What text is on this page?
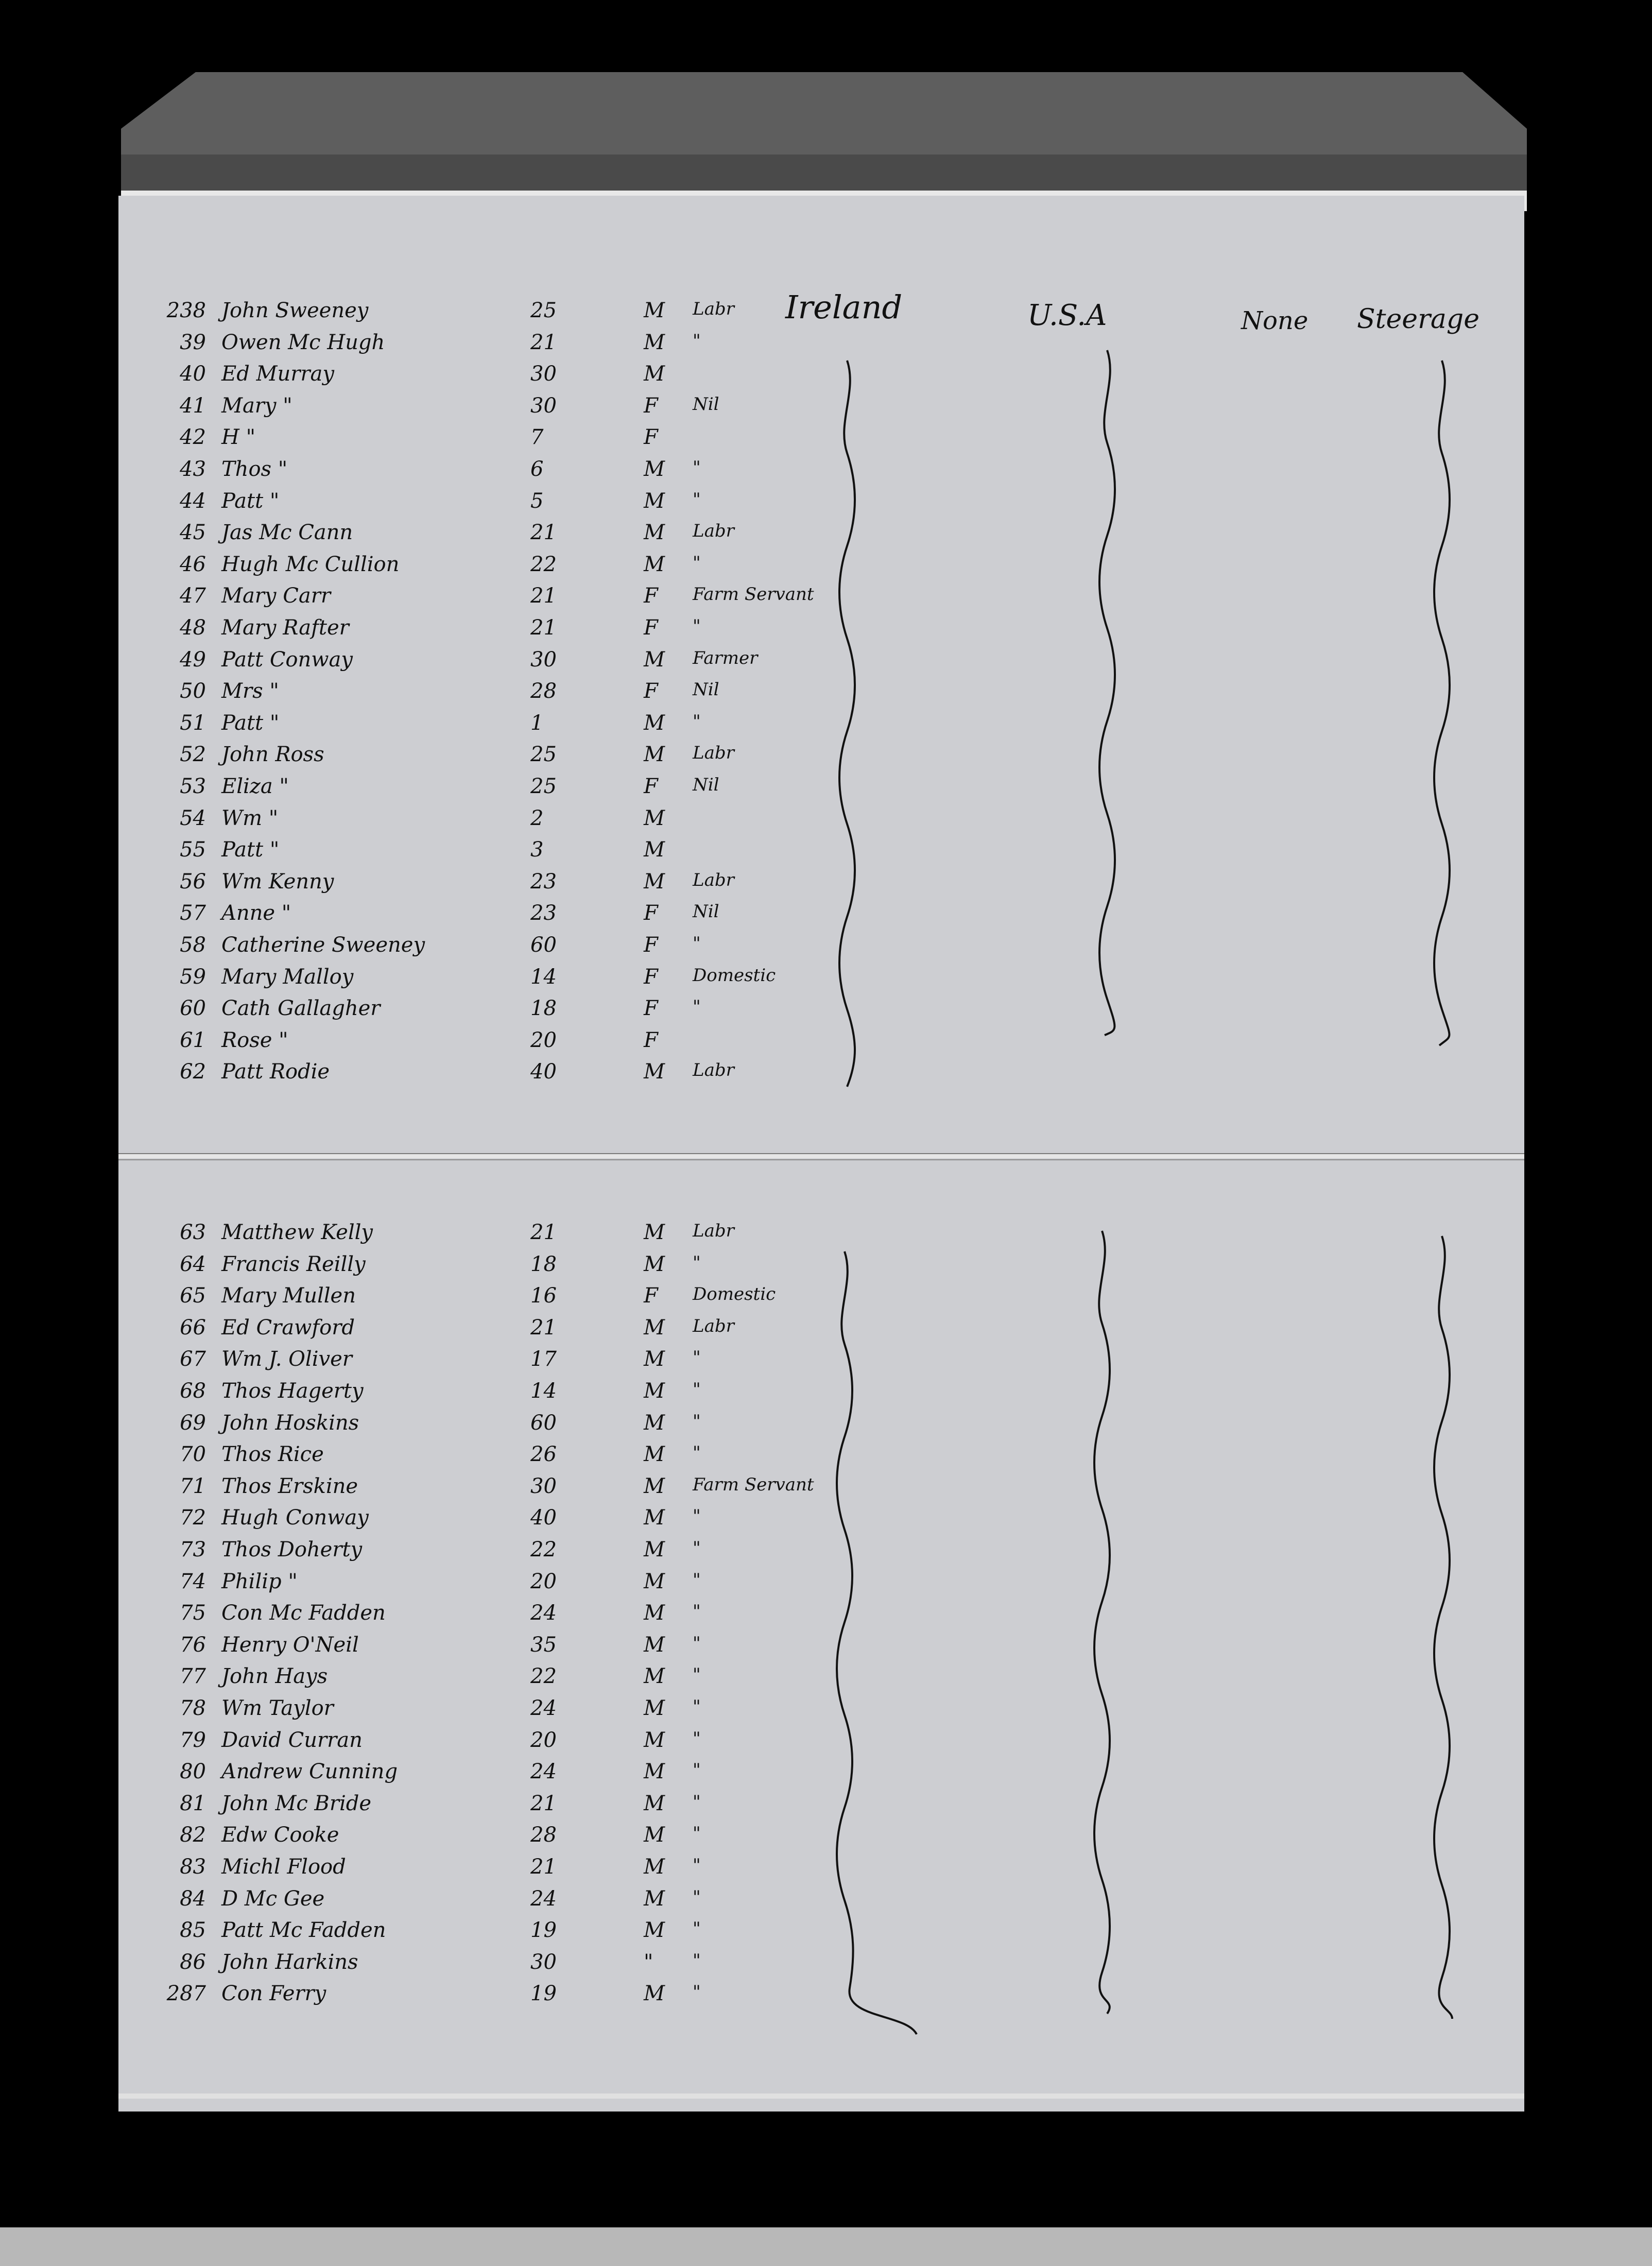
Ireland	U.S.A	None Steerage
238 John Sweeney	25	M Labr
39 Owen Mc Hugh	21	M "
40 Ed Murray	30	M
41 Mary "	30	F Nil
42 H "	7	F
43 Thos "	6	M "
44 Patt "	5	M "
45 Jas Mc Cann	21	M Labr
46 Hugh Mc Cullion	22	M "
47 Mary Carr	21	F Farm Servant
48 Mary Rafter	21	F "
49 Patt Conway	30	M Farmer
50 Mrs "	28	F Nil
51 Patt "	1	M "
52 John Ross	25	M Labr
53 Eliza "	25	F Nil
54 Wm "	2	M
55 Patt "	3	M
56 Wm Kenny	23	M Labr
57 Anne "	23	F Nil
58 Catherine Sweeney	60	F "
59 Mary Malloy	14	F Domestic
60 Cath Gallagher	18	F "
61 Rose "	20	F
62 Patt Rodie	40	M Labr
63 Matthew Kelly	21	M Labr
64 Francis Reilly	18	M "
65 Mary Mullen	16	F Domestic
66 Ed Crawford	21	M Labr
67 Wm J. Oliver	17	M "
68 Thos Hagerty	14	M "
69 John Hoskins	60	M "
70 Thos Rice	26	M "
71 Thos Erskine	30	M Farm Servant
72 Hugh Conway	40	M "
73 Thos Doherty	22	M "
74 Philip "	20	M "
75 Con Mc Fadden	24	M "
76 Henry O'Neil	35	M "
77 John Hays	22	M "
78 Wm Taylor	24	M "
79 David Curran	20	M "
80 Andrew Cunning	24	M "
81 John Mc Bride	21	M "
82 Edw Cooke	28	M "
83 Michl Flood	21	M "
84 D Mc Gee	24	M "
85 Patt Mc Fadden	19	M "
86 John Harkins	30	" "
287 Con Ferry	19	M "
